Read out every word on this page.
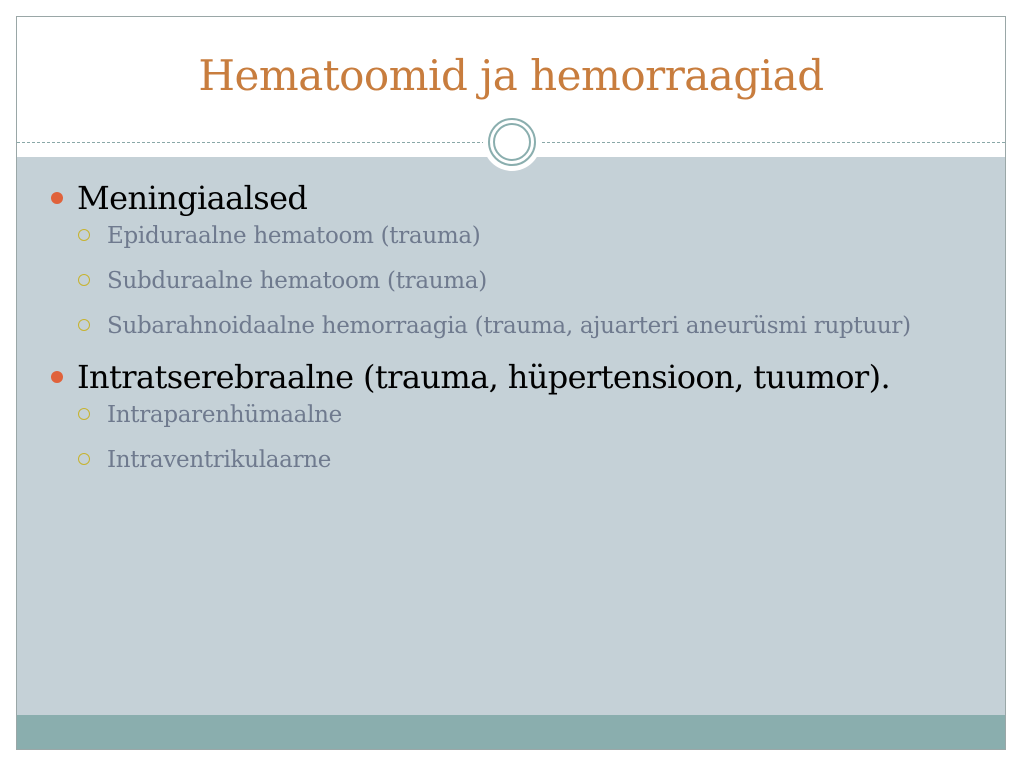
Hematoomid ja hemorraagiad
Meningiaalsed
Epiduraalne hematoom (trauma)
Subduraalne hematoom (trauma)
Subarahnoidaalne hemorraagia (trauma, ajuarteri aneurüsmi ruptuur)
Intratserebraalne (trauma, hüpertensioon, tuumor).
Intraparenhümaalne
Intraventrikulaarne
